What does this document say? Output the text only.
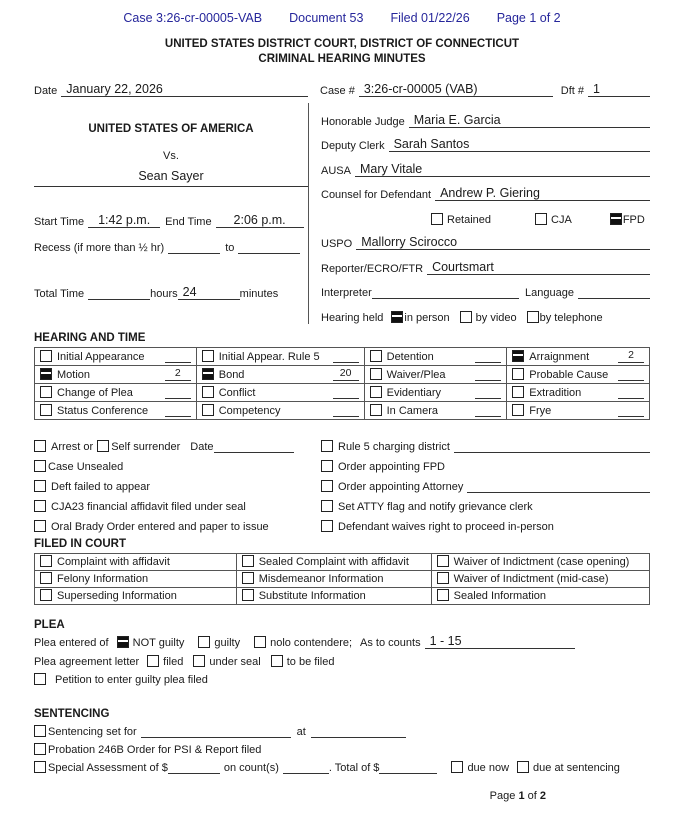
Case 3:26-cr-00005-VAB Document 53 Filed 01/22/26 Page 1 of 2
UNITED STATES DISTRICT COURT, DISTRICT OF CONNECTICUT
CRIMINAL HEARING MINUTES
Date January 22, 2026	Case # 3:26-cr-00005 (VAB)	Dft # 1
UNITED STATES OF AMERICA
Vs.
Sean Sayer
Start Time 1:42 p.m. End Time 2:06 p.m.
Recess (if more than ½ hr)	to
Total Time	hours 24	minutes
Honorable Judge Maria E. Garcia
Deputy Clerk Sarah Santos
AUSA Mary Vitale
Counsel for Defendant Andrew P. Giering
Retained	CJA	FPD
USPO Mallorry Scirocco
Reporter/ECRO/FTR Courtsmart
Interpreter	Language
Hearing held in person by video by telephone
HEARING AND TIME
Initial Appearance	Initial Appear. Rule 5	Detention	Arraignment 2

Motion 2	Bond 20	Waiver/Plea	Probable Cause

Change of Plea	Conflict	Evidentiary	Extradition

Status Conference	Competency	In Camera	Frye
Arrest or Self surrender Date
Case Unsealed
Deft failed to appear
CJA23 financial affidavit filed under seal
Oral Brady Order entered and paper to issue
Rule 5 charging district
Order appointing FPD
Order appointing Attorney
Set ATTY flag and notify grievance clerk
Defendant waives right to proceed in-person
FILED IN COURT
Complaint with affidavit	Sealed Complaint with affidavit	Waiver of Indictment (case opening)

Felony Information	Misdemeanor Information	Waiver of Indictment (mid-case)

Superseding Information	Substitute Information	Sealed Information
PLEA
Plea entered of NOT guilty	guilty	nolo contendere; As to counts 1 - 15
Plea agreement letter filed under seal to be filed
Petition to enter guilty plea filed
SENTENCING
Sentencing set for	at
Probation 246B Order for PSI & Report filed
Special Assessment of $	on count(s)	. Total of $	due now due at sentencing
Page 1 of 2
